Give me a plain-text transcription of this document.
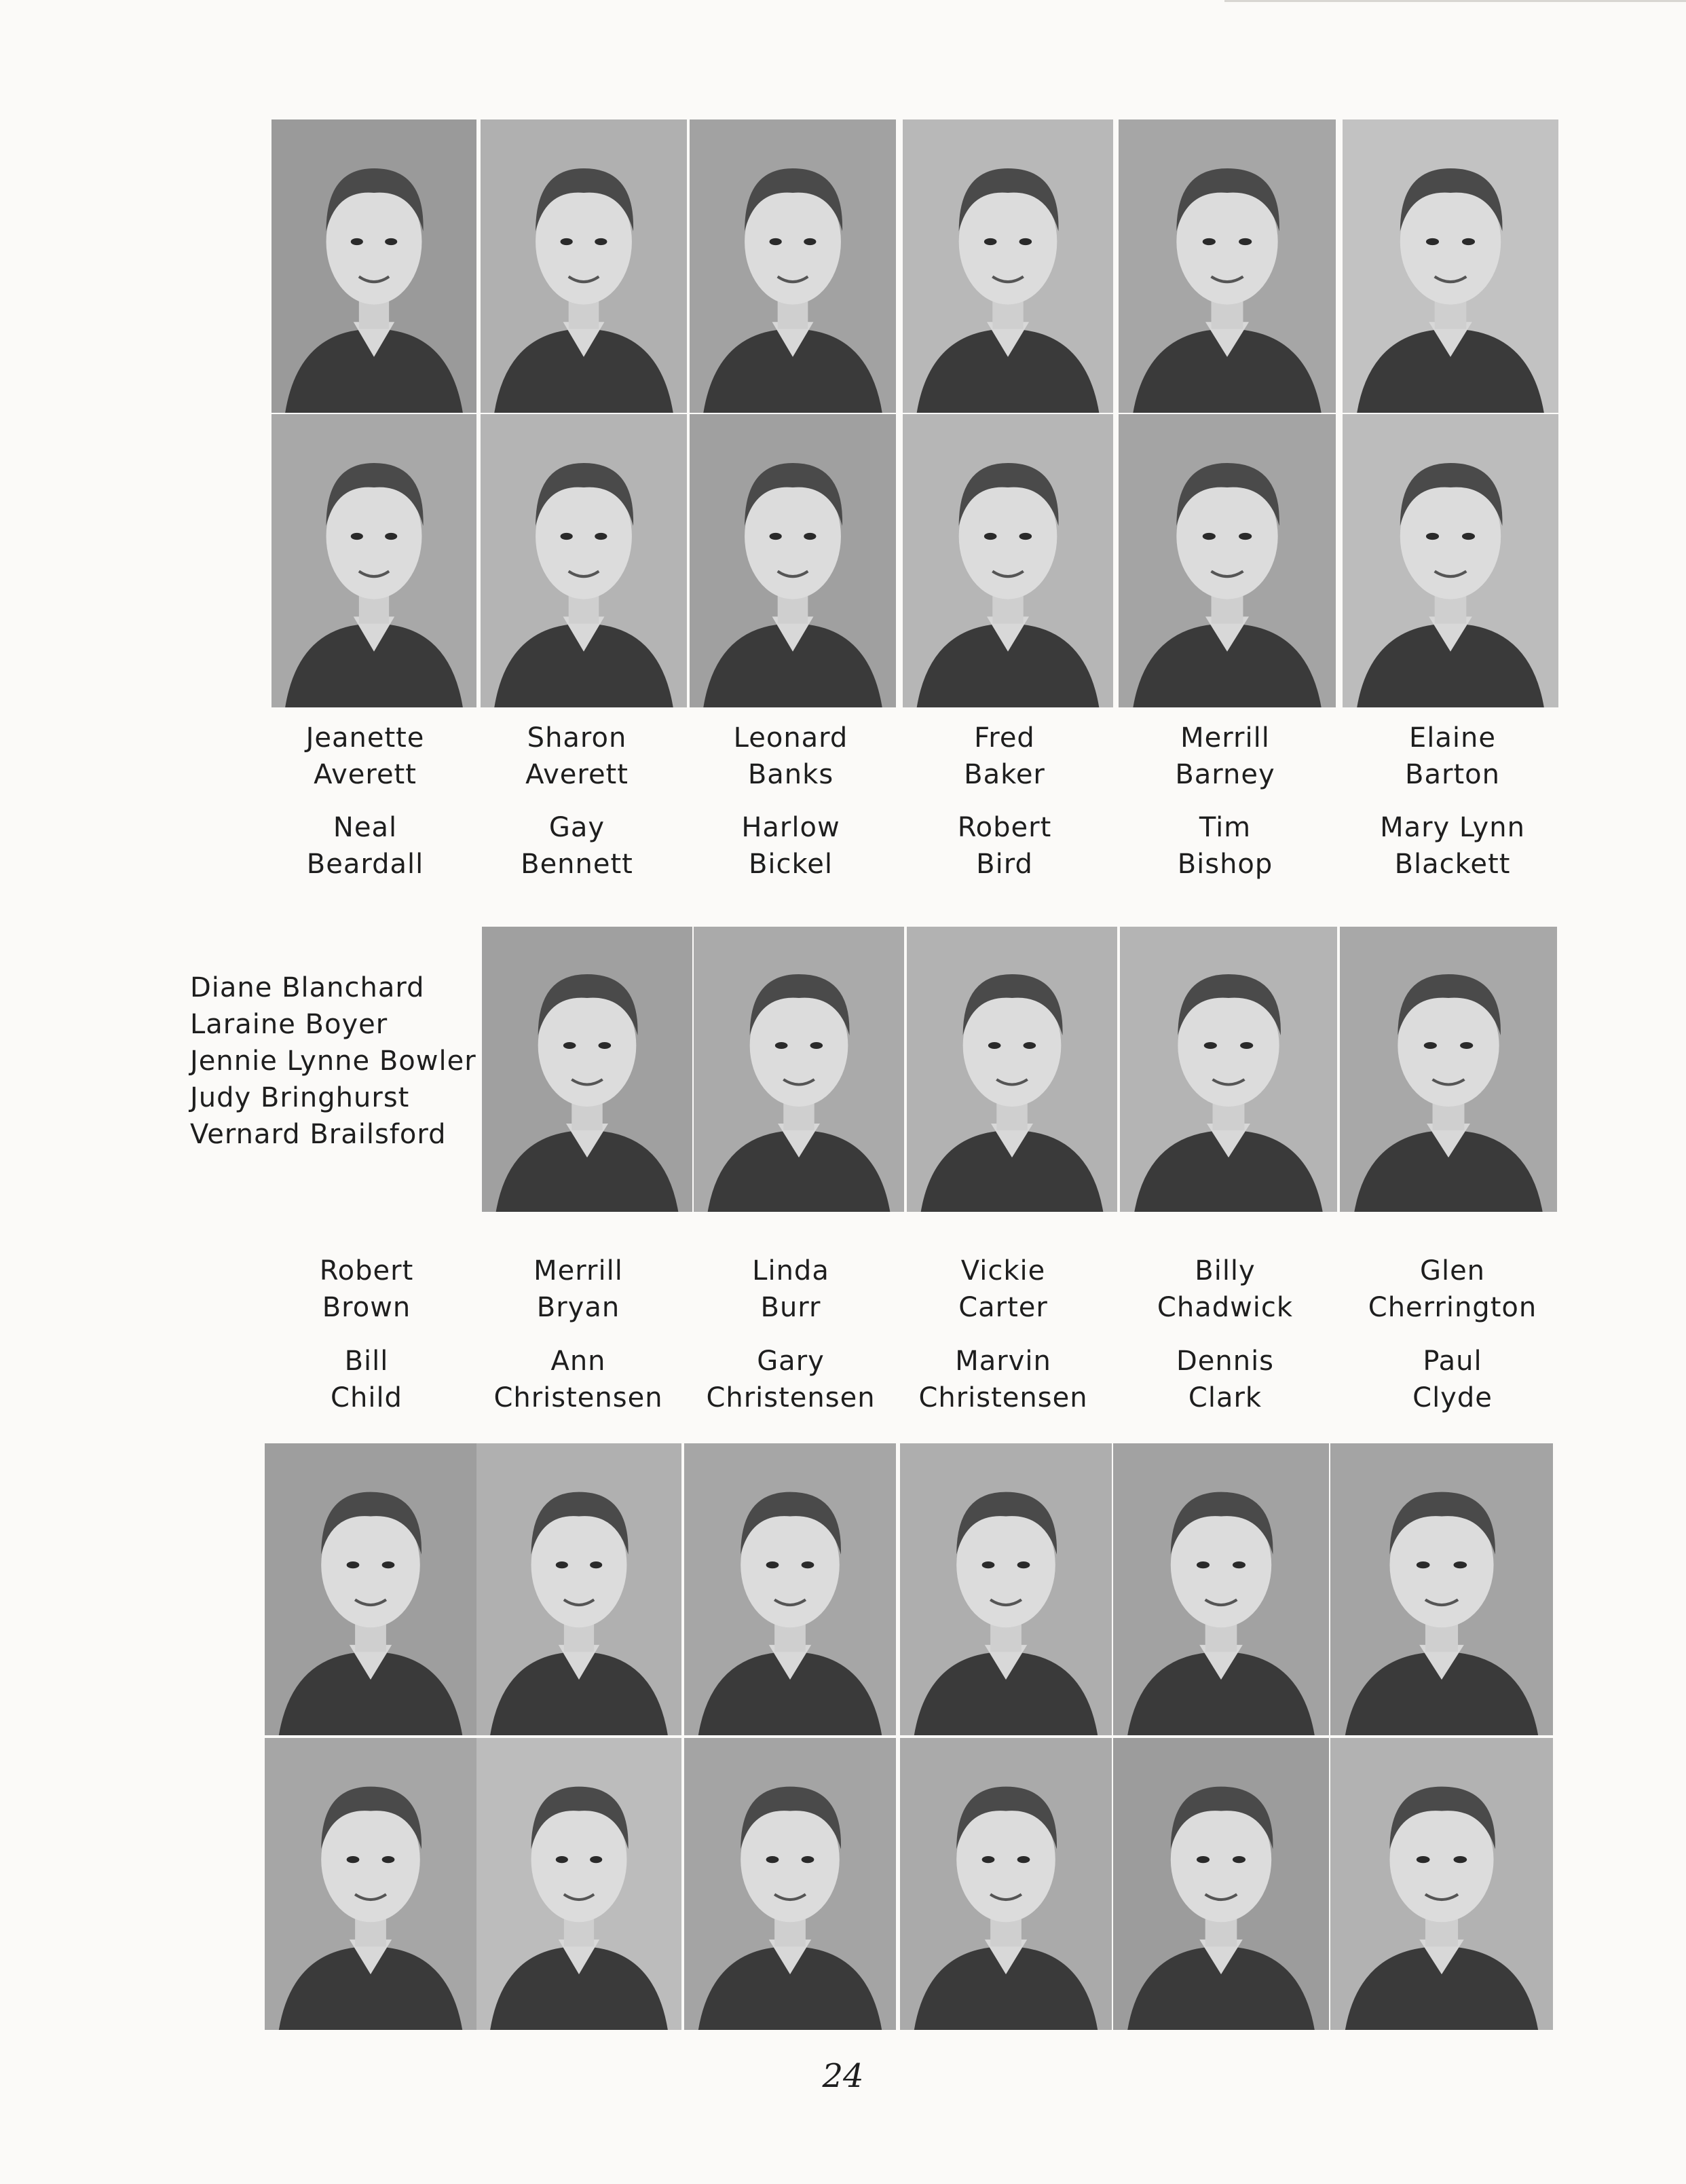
Jeanette
Averett
Sharon
Averett
Leonard
Banks
Fred
Baker
Merrill
Barney
Elaine
Barton
Neal
Beardall
Gay
Bennett
Harlow
Bickel
Robert
Bird
Tim
Bishop
Mary Lynn
Blackett
Diane Blanchard
Laraine Boyer
Jennie Lynne Bowler
Judy Bringhurst
Vernard Brailsford
Robert
Brown
Merrill
Bryan
Linda
Burr
Vickie
Carter
Billy
Chadwick
Glen
Cherrington
Bill
Child
Ann
Christensen
Gary
Christensen
Marvin
Christensen
Dennis
Clark
Paul
Clyde
24
